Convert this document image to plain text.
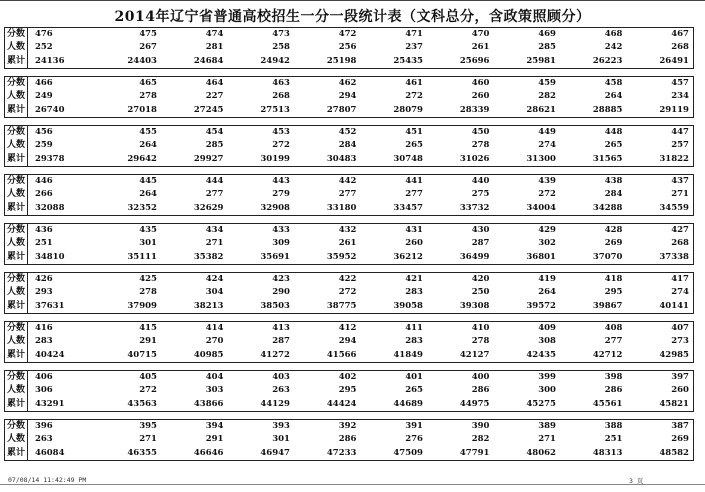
2014年辽宁省普通高校招生一分一段统计表（文科总分，含政策照顾分）
分数	476	475	474	473	472	471	470	469	468	467
人数	252	267	281	258	256	237	261	285	242	268
累计	24136	24403	24684	24942	25198	25435	25696	25981	26223	26491
分数	466	465	464	463	462	461	460	459	458	457
人数	249	278	227	268	294	272	260	282	264	234
累计	26740	27018	27245	27513	27807	28079	28339	28621	28885	29119
分数	456	455	454	453	452	451	450	449	448	447
人数	259	264	285	272	284	265	278	274	265	257
累计	29378	29642	29927	30199	30483	30748	31026	31300	31565	31822
分数	446	445	444	443	442	441	440	439	438	437
人数	266	264	277	279	277	277	275	272	284	271
累计	32088	32352	32629	32908	33180	33457	33732	34004	34288	34559
分数	436	435	434	433	432	431	430	429	428	427
人数	251	301	271	309	261	260	287	302	269	268
累计	34810	35111	35382	35691	35952	36212	36499	36801	37070	37338
分数	426	425	424	423	422	421	420	419	418	417
人数	293	278	304	290	272	283	250	264	295	274
累计	37631	37909	38213	38503	38775	39058	39308	39572	39867	40141
分数	416	415	414	413	412	411	410	409	408	407
人数	283	291	270	287	294	283	278	308	277	273
累计	40424	40715	40985	41272	41566	41849	42127	42435	42712	42985
分数	406	405	404	403	402	401	400	399	398	397
人数	306	272	303	263	295	265	286	300	286	260
累计	43291	43563	43866	44129	44424	44689	44975	45275	45561	45821
分数	396	395	394	393	392	391	390	389	388	387
人数	263	271	291	301	286	276	282	271	251	269
累计	46084	46355	46646	46947	47233	47509	47791	48062	48313	48582
07/08/14 11:42:49 PM	3 页
